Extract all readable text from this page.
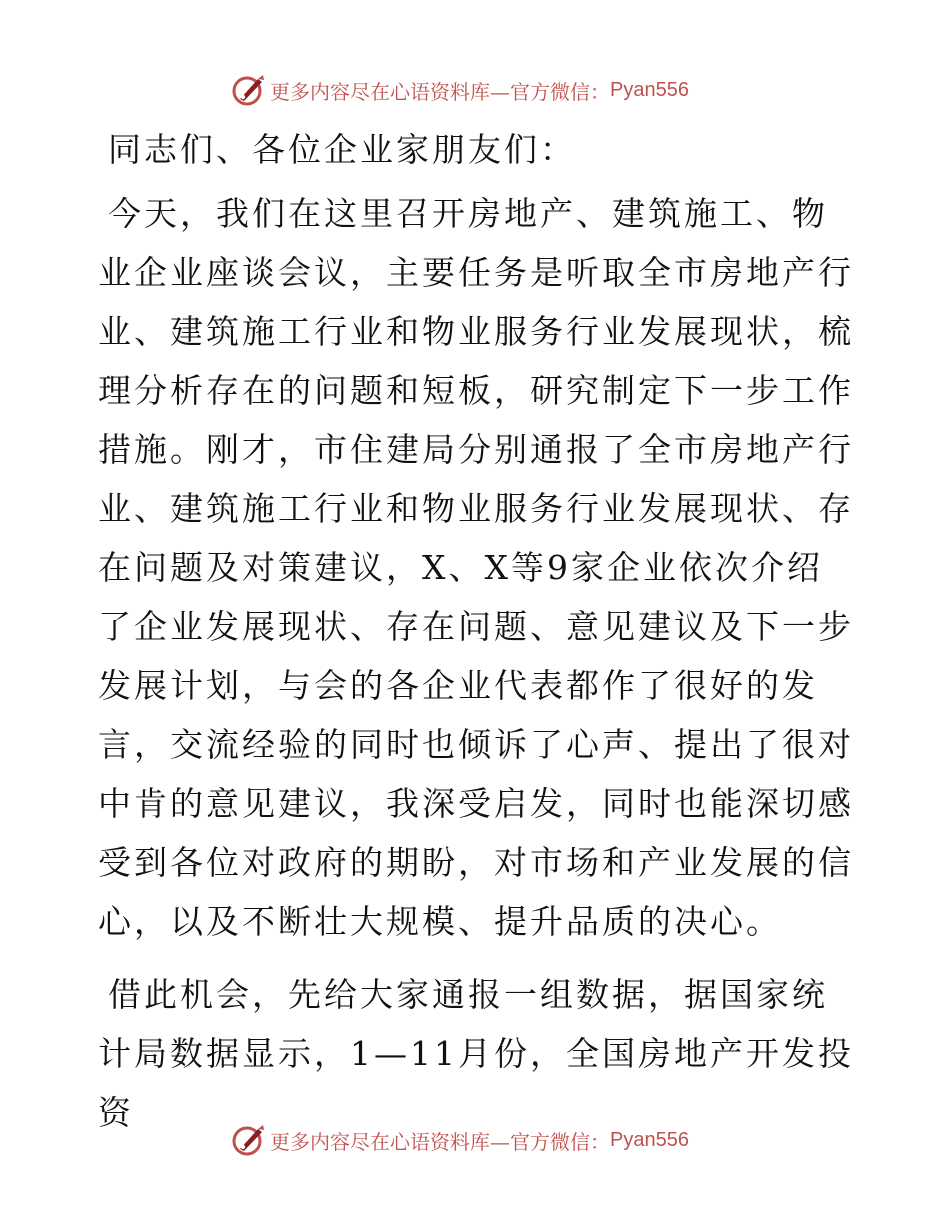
更多内容尽在心语资料库—官方微信： Pyan556

同志们、各位企业家朋友们：

今天，我们在这里召开房地产、建筑施工、物业企业座谈会议，主要任务是听取全市房地产行业、建筑施工行业和物业服务行业发展现状，梳理分析存在的问题和短板，研究制定下一步工作措施。刚才，市住建局分别通报了全市房地产行业、建筑施工行业和物业服务行业发展现状、存在问题及对策建议，X、X等9家企业依次介绍了企业发展现状、存在问题、意见建议及下一步发展计划，与会的各企业代表都作了很好的发言，交流经验的同时也倾诉了心声、提出了很对中肯的意见建议，我深受启发，同时也能深切感受到各位对政府的期盼，对市场和产业发展的信心，以及不断壮大规模、提升品质的决心。

借此机会，先给大家通报一组数据，据国家统计局数据显示，1—11月份，全国房地产开发投资

更多内容尽在心语资料库—官方微信： Pyan556
